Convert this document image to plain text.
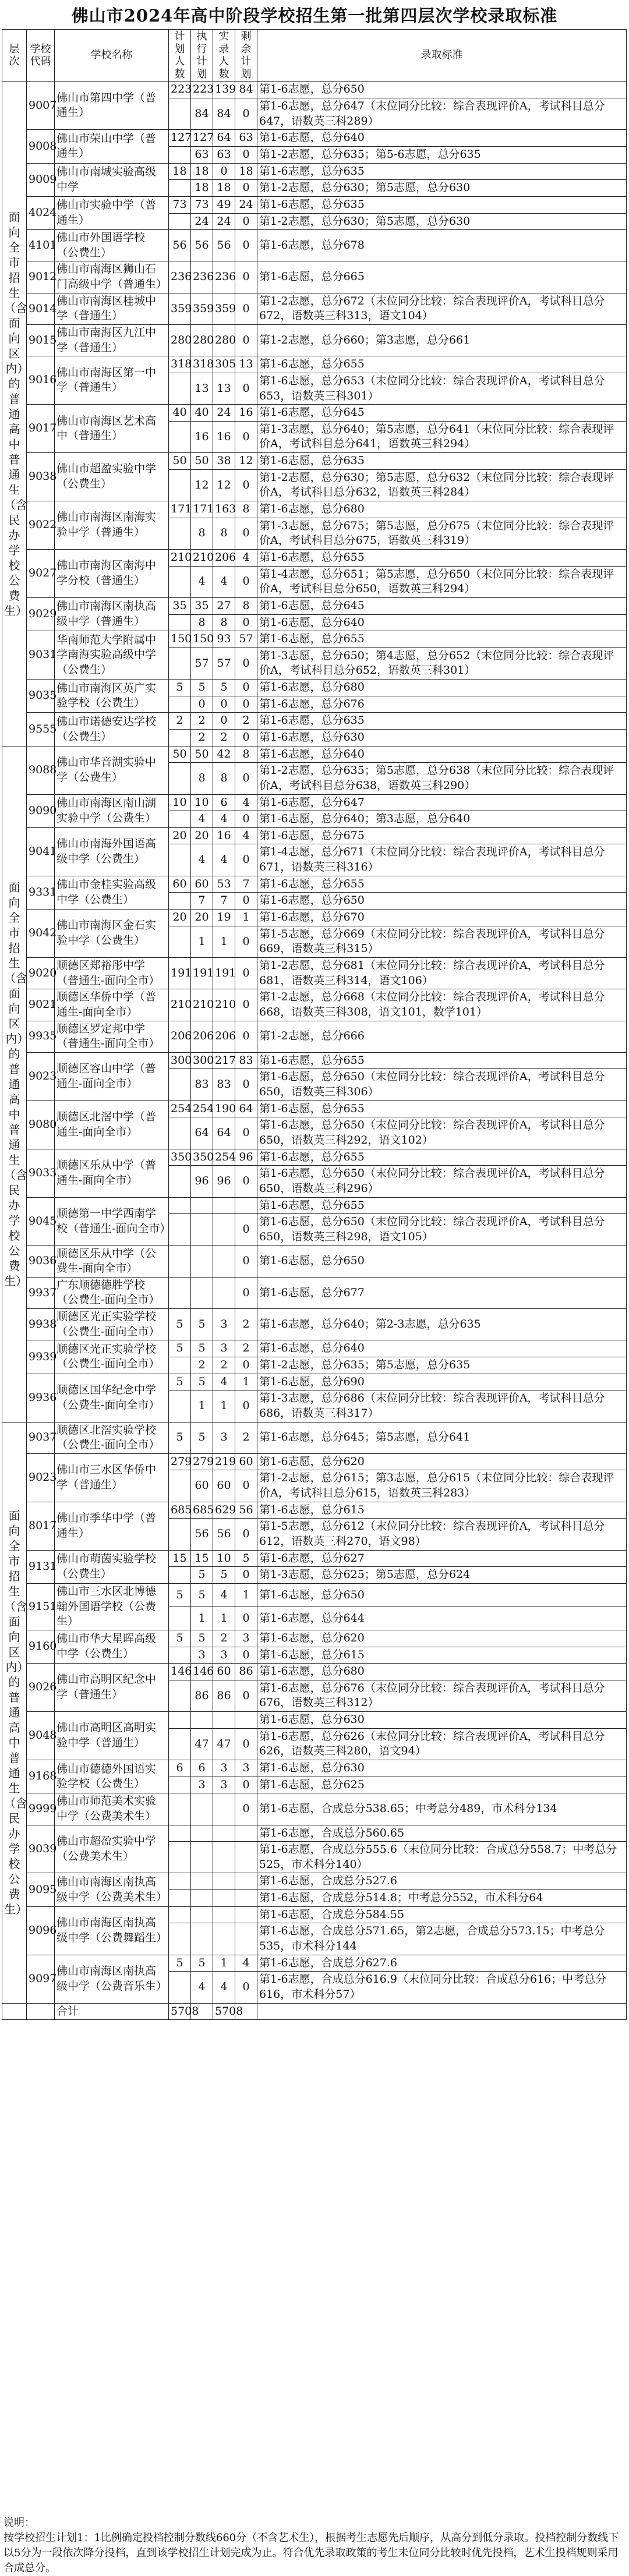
佛山市2024年高中阶段学校招生第一批第四层次学校录取标准
层次	学校代码	学校名称	计划人数	执行计划	实录人数	剩余计划	录取标准
面向全市招生（含面向区内）的普通高中普通生（含民办学校公费生）	9007	佛山市第四中学（普通生）	223	223	139	84	第1-6志愿，总分650
				84	84	0	第1-6志愿，总分647（末位同分比较：综合表现评价A，考试科目总分647，语数英三科289）
	9008	佛山市荣山中学（普通生）	127	127	64	63	第1-6志愿，总分640
				63	63	0	第1-2志愿，总分635；第5-6志愿，总分635
	9009	佛山市南城实验高级中学	18	18	0	18	第1-6志愿，总分635
				18	18	0	第1-2志愿，总分630；第5志愿，总分630
	4024	佛山市实验中学（普通生）	73	73	49	24	第1-6志愿，总分635
				24	24	0	第1-2志愿，总分630；第5志愿，总分630
	4101	佛山市外国语学校（公费生）	56	56	56	0	第1-6志愿，总分678
	9012	佛山市南海区狮山石门高级中学（普通生）	236	236	236	0	第1-6志愿，总分665
	9014	佛山市南海区桂城中学（普通生）	359	359	359	0	第1-2志愿，总分672（末位同分比较：综合表现评价A，考试科目总分672，语数英三科313，语文104）
	9015	佛山市南海区九江中学（普通生）	280	280	280	0	第1-2志愿，总分660；第3志愿，总分661
	9016	佛山市南海区第一中学（普通生）	318	318	305	13	第1-6志愿，总分655
				13	13	0	第1-6志愿，总分653（末位同分比较：综合表现评价A，考试科目总分653，语数英三科301）
	9017	佛山市南海区艺术高中（普通生）	40	40	24	16	第1-6志愿，总分645
				16	16	0	第1-3志愿，总分640；第5志愿，总分641（末位同分比较：综合表现评价A，考试科目总分641，语数英三科294）
	9038	佛山市超盈实验中学（公费生）	50	50	38	12	第1-6志愿，总分635
				12	12	0	第1-2志愿，总分630；第5志愿，总分632（末位同分比较：综合表现评价A，考试科目总分632，语数英三科284）
	9022	佛山市南海区南海实验中学（普通生）	171	171	163	8	第1-6志愿，总分680
				8	8	0	第1-3志愿，总分675；第5志愿，总分675（末位同分比较：综合表现评价A，考试科目总分675，语数英三科319）
	9027	佛山市南海区南海中学分校（普通生）	210	210	206	4	第1-6志愿，总分655
				4	4	0	第1-4志愿，总分651；第5志愿，总分650（末位同分比较：综合表现评价A，考试科目总分650，语数英三科294）
	9029	佛山市南海区南执高级中学（普通生）	35	35	27	8	第1-6志愿，总分645
				8	8	0	第1-6志愿，总分640
	9031	华南师范大学附属中学南海实验高级中学（公费生）	150	150	93	57	第1-6志愿，总分655
				57	57	0	第1-3志愿，总分650；第4志愿，总分652（末位同分比较：综合表现评价A，考试科目总分652，语数英三科301）
	9035	佛山市南海区英广实验学校（公费生）	5	5	5	0	第1-6志愿，总分680
				0	0	0	第1-6志愿，总分676
	9555	佛山市诺德安达学校（公费生）	2	2	0	2	第1-6志愿，总分635
				2	2	0	第1-6志愿，总分630
面向全市招生（含面向区内）的普通高中普通生（含民办学校公费生）	9088	佛山市华音湖实验中学（公费生）	50	50	42	8	第1-6志愿，总分640
				8	8	0	第1-2志愿，总分635；第5志愿，总分638（末位同分比较：综合表现评价A，考试科目总分638，语数英三科290）
	9090	佛山市南海区南山湖实验中学（公费生）	10	10	6	4	第1-6志愿，总分647
				4	4	0	第1-6志愿，总分640；第3志愿，总分640
	9041	佛山市南海外国语高级中学（公费生）	20	20	16	4	第1-6志愿，总分675
				4	4	0	第1-4志愿，总分671（末位同分比较：综合表现评价A，考试科目总分671，语数英三科316）
	9331	佛山市金桂实验高级中学（公费生）	60	60	53	7	第1-6志愿，总分655
				7	7	0	第1-6志愿，总分650
	9042	佛山市南海区金石实验中学（公费生）	20	20	19	1	第1-6志愿，总分670
				1	1	0	第1-5志愿，总分669（末位同分比较：综合表现评价A，考试科目总分669，语数英三科315）
	9020	顺德区郑裕彤中学（普通生-面向全市）	191	191	191	0	第1-2志愿，总分681（末位同分比较：综合表现评价A，考试科目总分681，语数英三科314，语文106）
	9021	顺德区华侨中学（普通生-面向全市）	210	210	210	0	第1-2志愿，总分668（末位同分比较：综合表现评价A，考试科目总分668，语数英三科308，语文101，数学101）
	9935	顺德区罗定邦中学（普通生-面向全市）	206	206	206	0	第1-2志愿，总分666
	9023	顺德区容山中学（普通生-面向全市）	300	300	217	83	第1-6志愿，总分655
				83	83	0	第1-6志愿，总分650（末位同分比较：综合表现评价A，考试科目总分650，语数英三科306）
	9080	顺德区北滘中学（普通生-面向全市）	254	254	190	64	第1-6志愿，总分655
				64	64	0	第1-6志愿，总分650（末位同分比较：综合表现评价A，考试科目总分650，语数英三科292，语文102）
	9033	顺德区乐从中学（普通生-面向全市）	350	350	254	96	第1-6志愿，总分655
				96	96	0	第1-6志愿，总分650（末位同分比较：综合表现评价A，考试科目总分650，语数英三科296）
	9045	顺德第一中学西南学校（普通生-面向全市）					第1-6志愿，总分655
						0	第1-6志愿，总分650（末位同分比较：综合表现评价A，考试科目总分650，语数英三科298，语文105）
	9036	顺德区乐从中学（公费生-面向全市）				0	第1-6志愿，总分650
	9937	广东顺德德胜学校（公费生-面向全市）				0	第1-6志愿，总分677
	9938	顺德区光正实验学校（公费生-面向全市）	5	5	3	2	第1-6志愿，总分640；第2-3志愿，总分635
	9939	顺德区光正实验学校（公费生-面向全市）	5	5	3	2	第1-6志愿，总分640
				2	2	0	第1-2志愿，总分635；第5志愿，总分635
	9936	顺德区国华纪念中学（公费生-面向全市）	5	5	4	1	第1-6志愿，总分690
				1	1	0	第1-3志愿，总分686（末位同分比较：综合表现评价A，考试科目总分686，语数英三科317）
面向全市招生（含面向区内）的普通高中普通生（含民办学校公费生）	9037	顺德区北滘实验学校（公费生-面向全市）	5	5	3	2	第1-6志愿，总分645；第5志愿，总分641
	9023	佛山市三水区华侨中学（普通生）	279	279	219	60	第1-6志愿，总分620
				60	60	0	第1-2志愿，总分615；第3志愿，总分615（末位同分比较：综合表现评价A，考试科目总分615，语数英三科283）
	8017	佛山市季华中学（普通生）	685	685	629	56	第1-6志愿，总分615
				56	56	0	第1-5志愿，总分612（末位同分比较：综合表现评价A，考试科目总分612，语数英三科270，语文98）
	9131	佛山市萌茵实验学校（公费生）	15	15	10	5	第1-6志愿，总分627
				5	5	0	第1-3志愿，总分625；第5志愿，总分624
	9151	佛山市三水区北博德翰外国语学校（公费生）	5	5	4	1	第1-6志愿，总分650
				1	1	0	第1-6志愿，总分644
	9160	佛山市华大星晖高级中学（公费生）	5	5	2	3	第1-6志愿，总分620
				3	3	0	第1-6志愿，总分615
	9026	佛山市高明区纪念中学（普通生）	146	146	60	86	第1-6志愿，总分680
				86	86	0	第1-6志愿，总分676（末位同分比较：综合表现评价A，考试科目总分676，语数英三科312）
	9048	佛山市高明区高明实验中学（普通生）					第1-6志愿，总分630
				47	47	0	第1-6志愿，总分626（末位同分比较：综合表现评价A，考试科目总分626，语数英三科280，语文94）
	9168	佛山市德德外国语实验学校（公费生）	6	6	3	3	第1-6志愿，总分630
				3	3	0	第1-6志愿，总分625
	9999	佛山市师范美术实验中学（公费美术生）				0	第1-6志愿，合成总分538.65；中考总分489，市术科分134
	9039	佛山市超盈实验中学（公费美术生）					第1-6志愿，合成总分560.65
							第1-6志愿，合成总分555.6（末位同分比较：合成总分558.7；中考总分525，市术科分140）
	9095	佛山市南海区南执高级中学（公费美术生）					第1-6志愿，合成总分527.6
							第1-6志愿，合成总分514.8；中考总分552，市术科分64
	9096	佛山市南海区南执高级中学（公费舞蹈生）					第1-6志愿，合成总分584.55
							第1-6志愿，合成总分571.65，第2志愿，合成总分573.15；中考总分535，市术科分144
	9097	佛山市南海区南执高级中学（公费音乐生）	5	5	1	4	第1-6志愿，合成总分627.6
				4	4	0	第1-6志愿，合成总分616.9（末位同分比较：合成总分616；中考总分616，市术科分57）
		合计	5708		5708		
说明：
按学校招生计划1：1比例确定投档控制分数线660分（不含艺术生），根据考生志愿先后顺序，从高分到低分录取。投档控制分数线下以5分为一段依次降分投档，直到该学校招生计划完成为止。符合优先录取政策的考生未位同分比较时优先投档，艺术生投档规则采用合成总分。
